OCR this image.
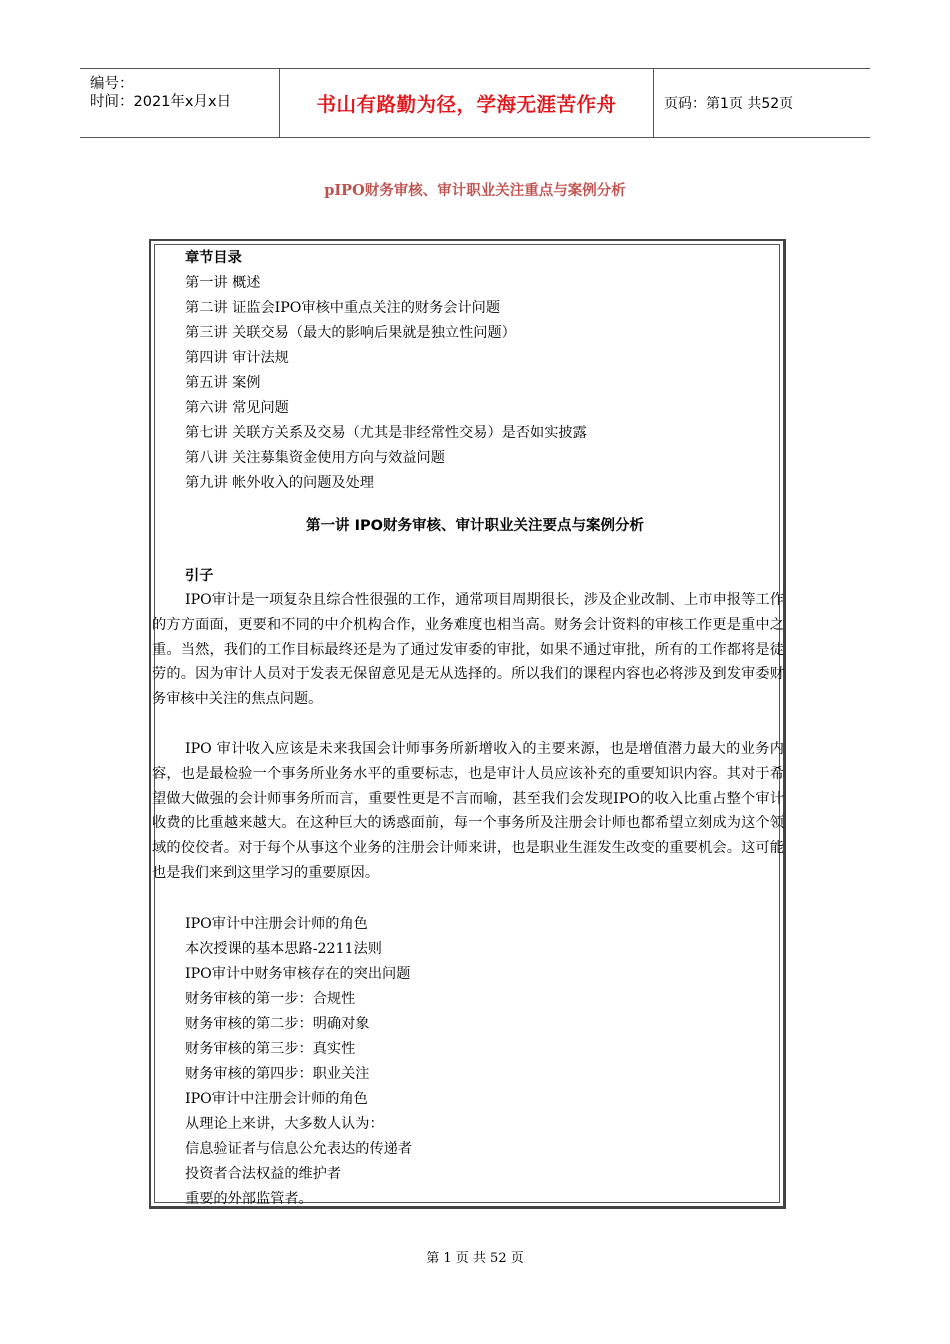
编号：
时间：2021年x月x日	书山有路勤为径，学海无涯苦作舟	页码：第1页 共52页
pIPO财务审核、审计职业关注重点与案例分析
章节目录
第一讲 概述
第二讲 证监会IPO审核中重点关注的财务会计问题
第三讲 关联交易（最大的影响后果就是独立性问题）
第四讲 审计法规
第五讲 案例
第六讲 常见问题
第七讲 关联方关系及交易（尤其是非经常性交易）是否如实披露
第八讲 关注募集资金使用方向与效益问题
第九讲 帐外收入的问题及处理
第一讲 IPO财务审核、审计职业关注要点与案例分析
引子
IPO审计是一项复杂且综合性很强的工作，通常项目周期很长，涉及企业改制、上市申报等工作的方方面面，更要和不同的中介机构合作，业务难度也相当高。财务会计资料的审核工作更是重中之重。当然，我们的工作目标最终还是为了通过发审委的审批，如果不通过审批，所有的工作都将是徒劳的。因为审计人员对于发表无保留意见是无从选择的。所以我们的课程内容也必将涉及到发审委财务审核中关注的焦点问题。
IPO 审计收入应该是未来我国会计师事务所新增收入的主要来源，也是增值潜力最大的业务内容，也是最检验一个事务所业务水平的重要标志，也是审计人员应该补充的重要知识内容。其对于希望做大做强的会计师事务所而言，重要性更是不言而喻，甚至我们会发现IPO的收入比重占整个审计收费的比重越来越大。在这种巨大的诱惑面前，每一个事务所及注册会计师也都希望立刻成为这个领域的佼佼者。对于每个从事这个业务的注册会计师来讲，也是职业生涯发生改变的重要机会。这可能也是我们来到这里学习的重要原因。
IPO审计中注册会计师的角色
本次授课的基本思路-2211法则
IPO审计中财务审核存在的突出问题
财务审核的第一步：合规性
财务审核的第二步：明确对象
财务审核的第三步：真实性
财务审核的第四步：职业关注
IPO审计中注册会计师的角色
从理论上来讲，大多数人认为：
信息验证者与信息公允表达的传递者
投资者合法权益的维护者
重要的外部监管者。
第 1 页 共 52 页
